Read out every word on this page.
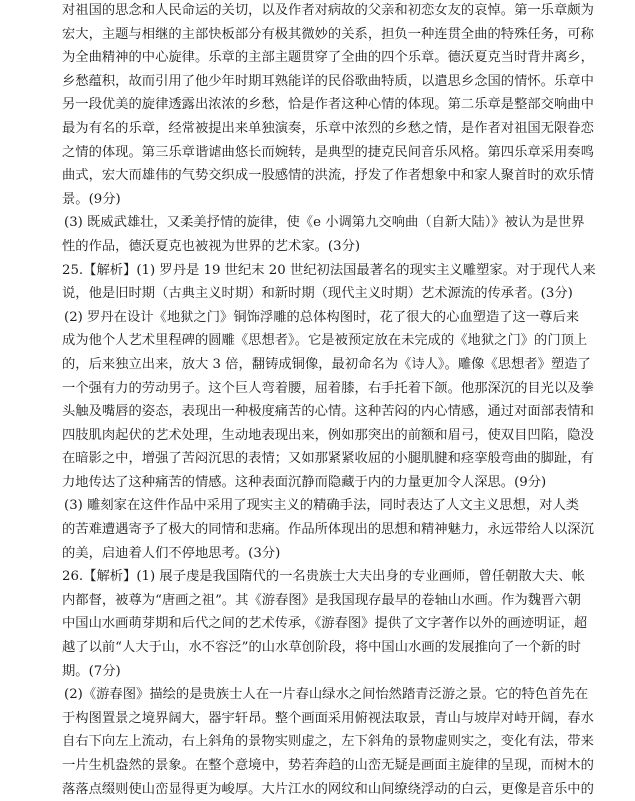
对祖国的思念和人民命运的关切，以及作者对病故的父亲和初恋女友的哀悼。第一乐章颇为
宏大，主题与相继的主部快板部分有极其微妙的关系，担负一种连贯全曲的特殊任务，可称
为全曲精神的中心旋律。乐章的主部主题贯穿了全曲的四个乐章。德沃夏克当时背井离乡，
乡愁蕴积，故而引用了他少年时期耳熟能详的民俗歌曲特质，以遣思乡念国的情怀。乐章中
另一段优美的旋律透露出浓浓的乡愁，恰是作者这种心情的体现。第二乐章是整部交响曲中
最为有名的乐章，经常被提出来单独演奏，乐章中浓烈的乡愁之情，是作者对祖国无限眷恋
之情的体现。第三乐章谐谑曲悠长而婉转，是典型的捷克民间音乐风格。第四乐章采用奏鸣
曲式，宏大而雄伟的气势交织成一股感情的洪流，抒发了作者想象中和家人聚首时的欢乐情
景。(9分)
(3) 既威武雄壮，又柔美抒情的旋律，使《e 小调第九交响曲（自新大陆）》被认为是世界
性的作品，德沃夏克也被视为世界的艺术家。(3分)
25.【解析】(1) 罗丹是 19 世纪末 20 世纪初法国最著名的现实主义雕塑家。对于现代人来
说，他是旧时期（古典主义时期）和新时期（现代主义时期）艺术源流的传承者。(3分)
(2) 罗丹在设计《地狱之门》铜饰浮雕的总体构图时，花了很大的心血塑造了这一尊后来
成为他个人艺术里程碑的圆雕《思想者》。它是被预定放在未完成的《地狱之门》的门顶上
的，后来独立出来，放大 3 倍，翻铸成铜像，最初命名为《诗人》。雕像《思想者》塑造了
一个强有力的劳动男子。这个巨人弯着腰，屈着膝，右手托着下颌。他那深沉的目光以及拳
头触及嘴唇的姿态，表现出一种极度痛苦的心情。这种苦闷的内心情感，通过对面部表情和
四肢肌肉起伏的艺术处理，生动地表现出来，例如那突出的前额和眉弓，使双目凹陷，隐没
在暗影之中，增强了苦闷沉思的表情；又如那紧紧收屈的小腿肌腱和痉挛般弯曲的脚趾，有
力地传达了这种痛苦的情感。这种表面沉静而隐藏于内的力量更加令人深思。(9分)
(3) 雕刻家在这件作品中采用了现实主义的精确手法，同时表达了人文主义思想，对人类
的苦难遭遇寄予了极大的同情和悲痛。作品所体现出的思想和精神魅力，永远带给人以深沉
的美，启迪着人们不停地思考。(3分)
26.【解析】(1) 展子虔是我国隋代的一名贵族士大夫出身的专业画师，曾任朝散大夫、帐
内都督，被尊为“唐画之祖”。其《游春图》是我国现存最早的卷轴山水画。作为魏晋六朝
中国山水画萌芽期和后代之间的艺术传承，《游春图》提供了文字著作以外的画迹明证，超
越了以前“人大于山，水不容泛”的山水草创阶段，将中国山水画的发展推向了一个新的时
期。(7分)
(2)《游春图》描绘的是贵族士人在一片春山绿水之间怡然踏青泛游之景。它的特色首先在
于构图置景之境界阔大，器宇轩昂。整个画面采用俯视法取景，青山与坡岸对峙开阔，春水
自右下向左上流动，右上斜角的景物实则虚之，左下斜角的景物虚则实之，变化有法，带来
一片生机盎然的景象。在整个意境中，势若奔趋的山峦无疑是画面主旋律的呈现，而树木的
落落点缀则使山峦显得更为峻厚。大片江水的网纹和山间缭绕浮动的白云，更像是音乐中的
